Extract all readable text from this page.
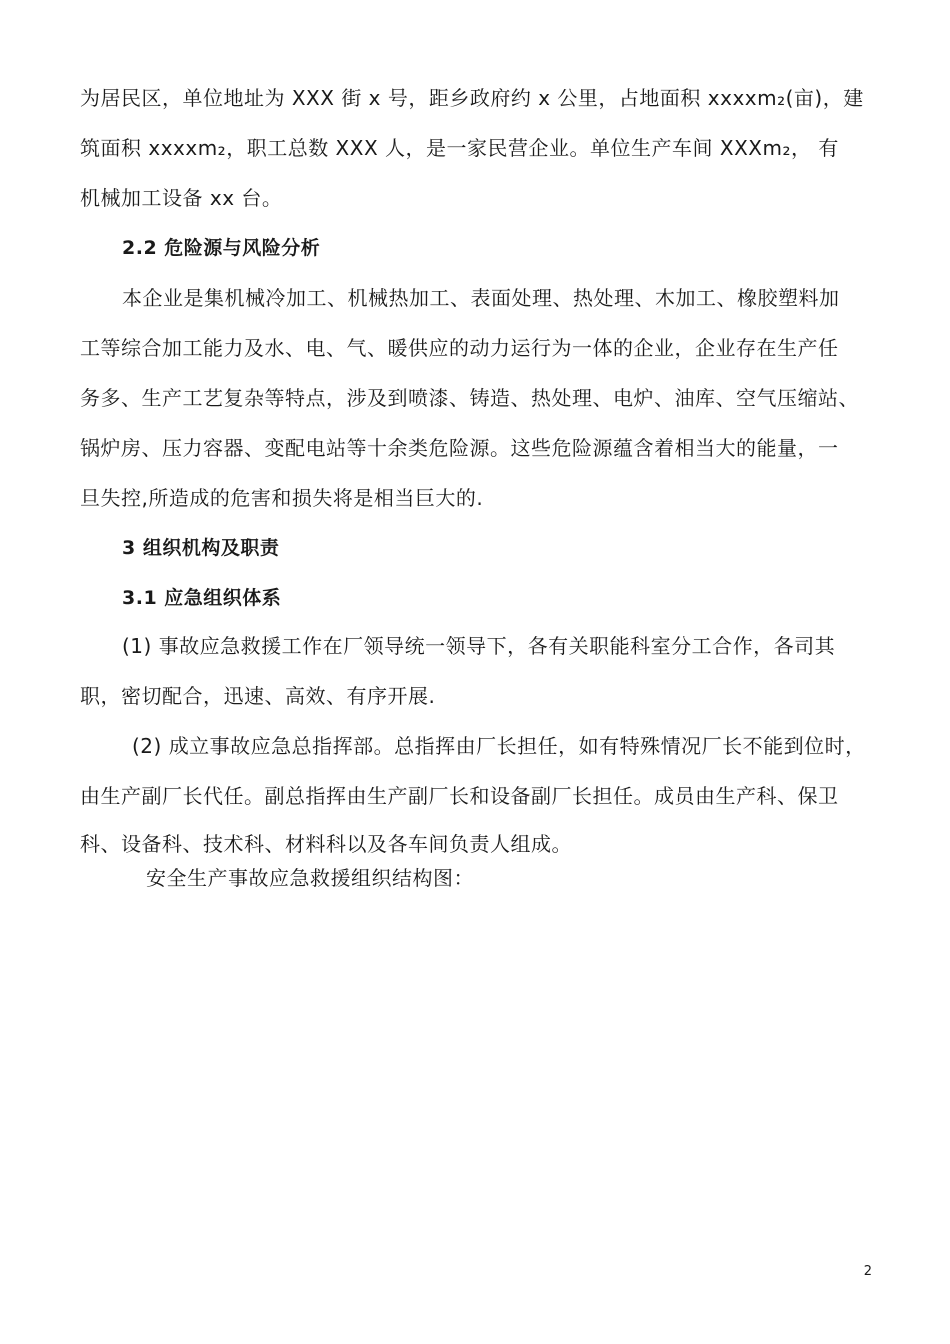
为居民区，单位地址为 XXX 街 x 号，距乡政府约 x 公里，占地面积 xxxxm₂(亩)，建
筑面积 xxxxm₂，职工总数 XXX 人，是一家民营企业。单位生产车间 XXXm₂， 有
机械加工设备 xx 台。
2.2 危险源与风险分析
本企业是集机械冷加工、机械热加工、表面处理、热处理、木加工、橡胶塑料加
工等综合加工能力及水、电、气、暖供应的动力运行为一体的企业，企业存在生产任
务多、生产工艺复杂等特点，涉及到喷漆、铸造、热处理、电炉、油库、空气压缩站、
锅炉房、压力容器、变配电站等十余类危险源。这些危险源蕴含着相当大的能量，一
旦失控,所造成的危害和损失将是相当巨大的.
3 组织机构及职责
3.1 应急组织体系
(1) 事故应急救援工作在厂领导统一领导下，各有关职能科室分工合作，各司其
职，密切配合，迅速、高效、有序开展.
(2) 成立事故应急总指挥部。总指挥由厂长担任，如有特殊情况厂长不能到位时，
由生产副厂长代任。副总指挥由生产副厂长和设备副厂长担任。成员由生产科、保卫
科、设备科、技术科、材料科以及各车间负责人组成。
安全生产事故应急救援组织结构图：
2
